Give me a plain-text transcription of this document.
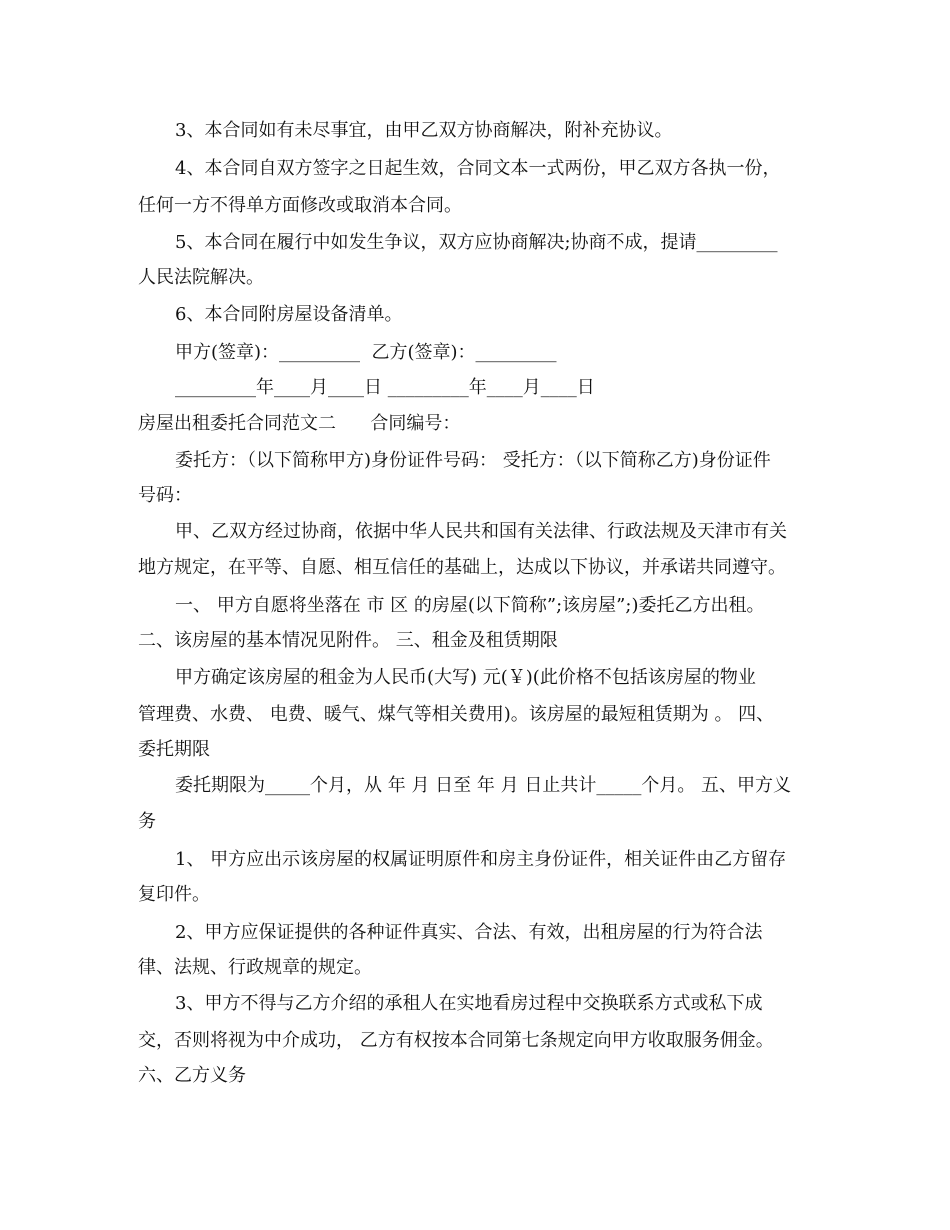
3、本合同如有未尽事宜，由甲乙双方协商解决，附补充协议。

4、本合同自双方签字之日起生效，合同文本一式两份，甲乙双方各执一份，

任何一方不得单方面修改或取消本合同。

5、本合同在履行中如发生争议，双方应协商解决;协商不成，提请_________

人民法院解决。

6、本合同附房屋设备清单。

甲方(签章)：_________  乙方(签章)：_________

_________年____月____日 _________年____月____日

房屋出租委托合同范文二      合同编号：

委托方：（以下简称甲方)身份证件号码： 受托方：（以下简称乙方)身份证件

号码：

甲、乙双方经过协商，依据中华人民共和国有关法律、行政法规及天津市有关

地方规定，在平等、自愿、相互信任的基础上，达成以下协议，并承诺共同遵守。

一、 甲方自愿将坐落在 市 区 的房屋(以下简称”;该房屋”;)委托乙方出租。

二、该房屋的基本情况见附件。 三、租金及租赁期限

甲方确定该房屋的租金为人民币(大写) 元(￥)(此价格不包括该房屋的物业

管理费、水费、 电费、暖气、煤气等相关费用)。该房屋的最短租赁期为 。 四、

委托期限

委托期限为_____个月，从 年 月 日至 年 月 日止共计_____个月。 五、甲方义

务

1、 甲方应出示该房屋的权属证明原件和房主身份证件，相关证件由乙方留存

复印件。

2、甲方应保证提供的各种证件真实、合法、有效，出租房屋的行为符合法

律、法规、行政规章的规定。

3、甲方不得与乙方介绍的承租人在实地看房过程中交换联系方式或私下成

交，否则将视为中介成功， 乙方有权按本合同第七条规定向甲方收取服务佣金。

六、乙方义务
